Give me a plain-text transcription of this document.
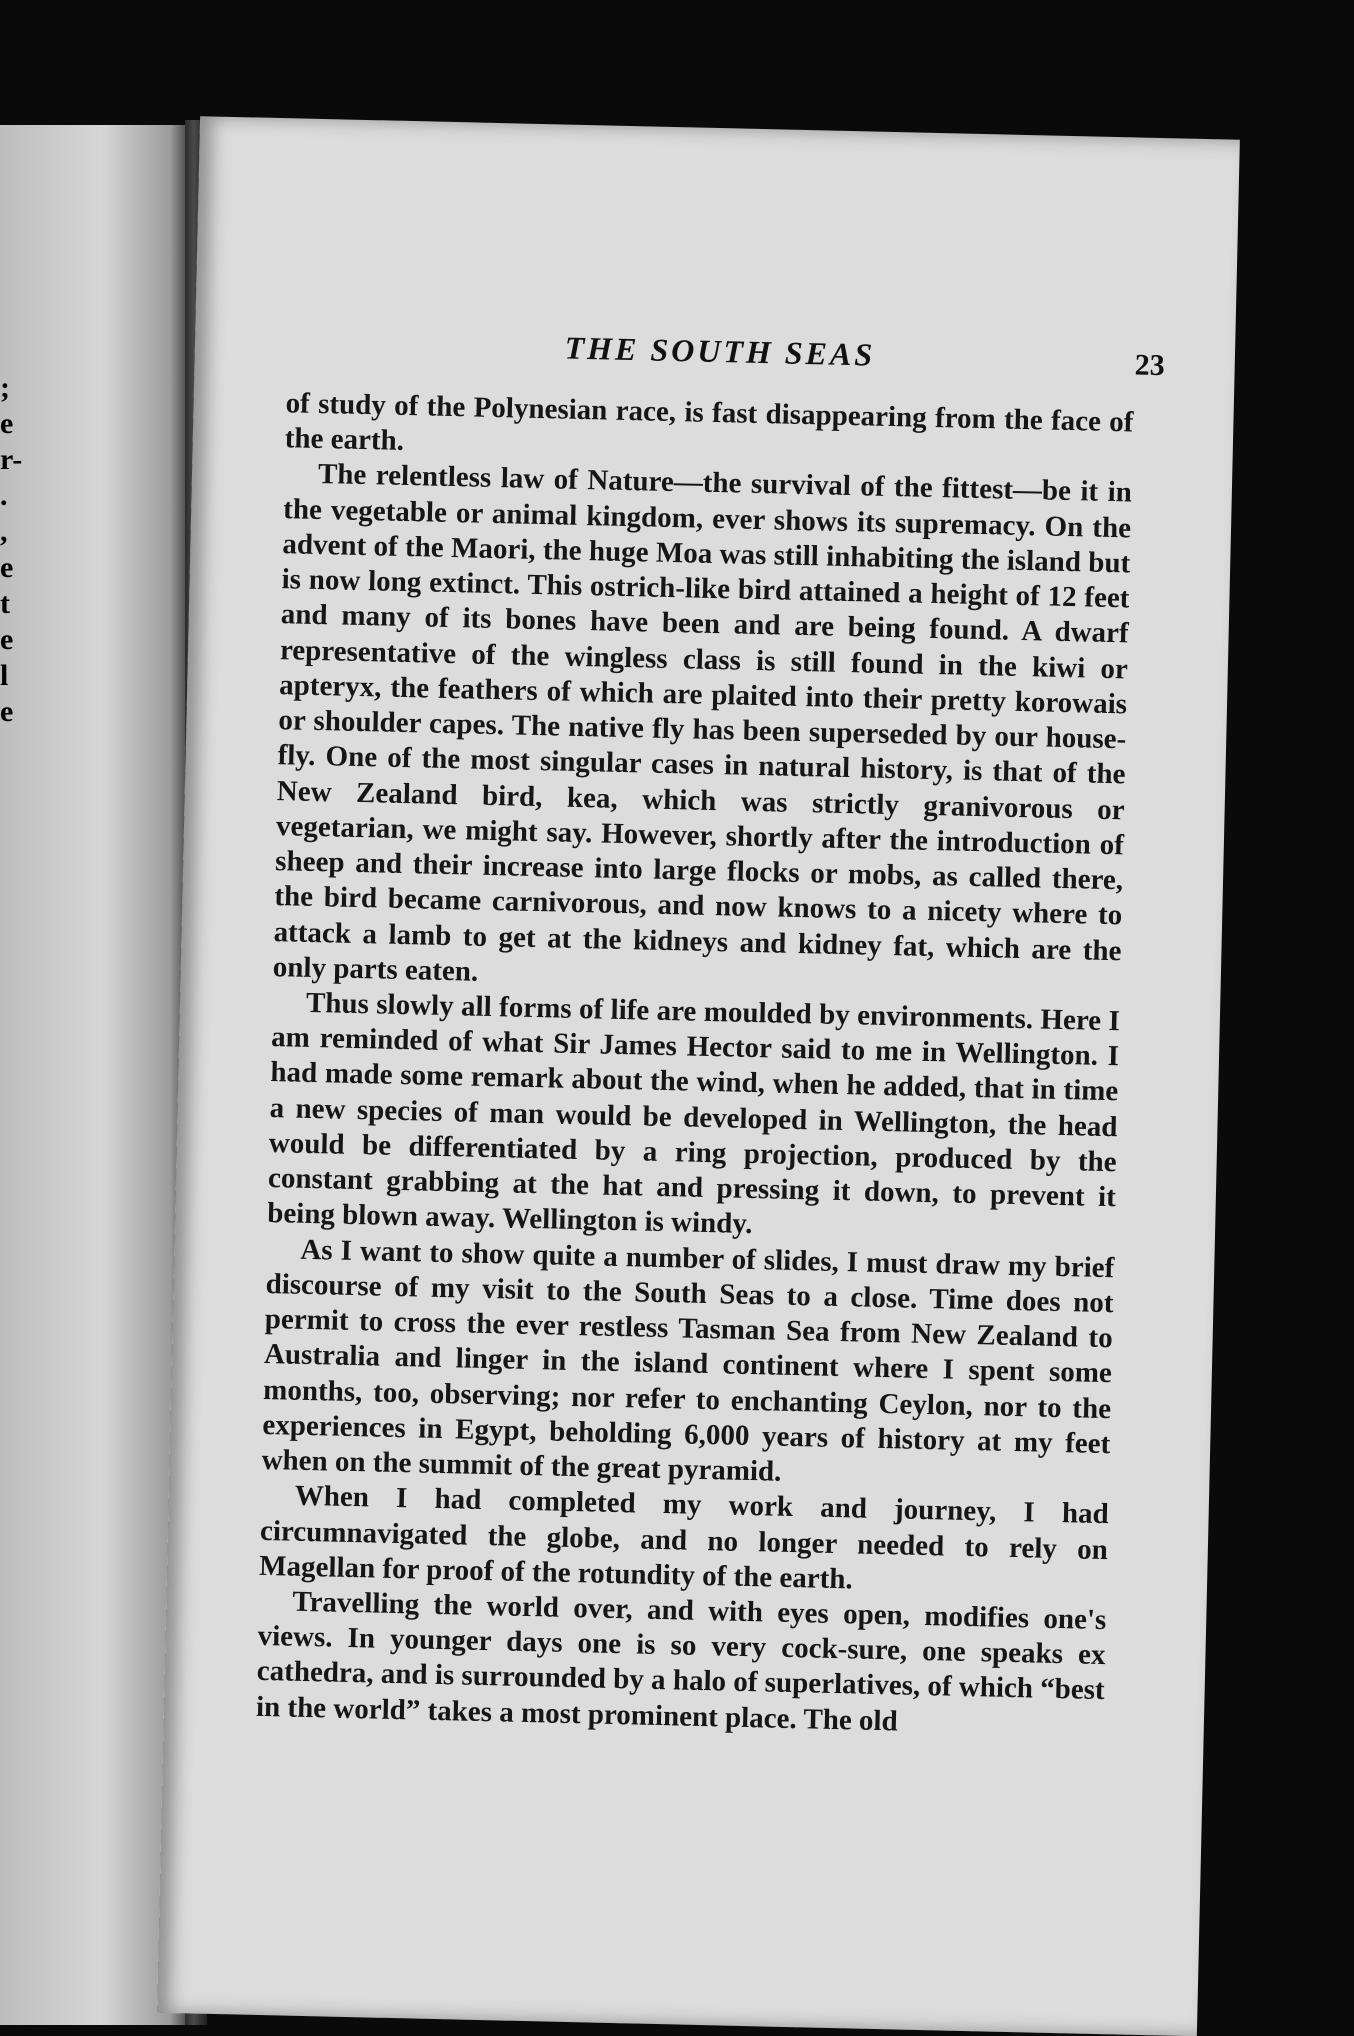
;
e
r-
.
,
e
t
e
l
e
THE SOUTH SEAS	23

of study of the Polynesian race, is fast disappearing from the face of the earth.

The relentless law of Nature—the survival of the fittest—be it in the vegetable or animal kingdom, ever shows its supremacy. On the advent of the Maori, the huge Moa was still inhabiting the island but is now long extinct. This ostrich-like bird attained a height of 12 feet and many of its bones have been and are being found. A dwarf representative of the wingless class is still found in the kiwi or apteryx, the feathers of which are plaited into their pretty korowais or shoulder capes. The native fly has been superseded by our house-fly. One of the most singular cases in natural history, is that of the New Zealand bird, kea, which was strictly granivorous or vegetarian, we might say. However, shortly after the introduction of sheep and their increase into large flocks or mobs, as called there, the bird became carnivorous, and now knows to a nicety where to attack a lamb to get at the kidneys and kidney fat, which are the only parts eaten.

Thus slowly all forms of life are moulded by environments. Here I am reminded of what Sir James Hector said to me in Wellington. I had made some remark about the wind, when he added, that in time a new species of man would be developed in Wellington, the head would be differentiated by a ring projection, produced by the constant grabbing at the hat and pressing it down, to prevent it being blown away. Wellington is windy.

As I want to show quite a number of slides, I must draw my brief discourse of my visit to the South Seas to a close. Time does not permit to cross the ever restless Tasman Sea from New Zealand to Australia and linger in the island continent where I spent some months, too, observing; nor refer to enchanting Ceylon, nor to the experiences in Egypt, beholding 6,000 years of history at my feet when on the summit of the great pyramid.

When I had completed my work and journey, I had circumnavigated the globe, and no longer needed to rely on Magellan for proof of the rotundity of the earth.

Travelling the world over, and with eyes open, modifies one's views. In younger days one is so very cock-sure, one speaks ex cathedra, and is surrounded by a halo of superlatives, of which “best in the world” takes a most prominent place. The old
